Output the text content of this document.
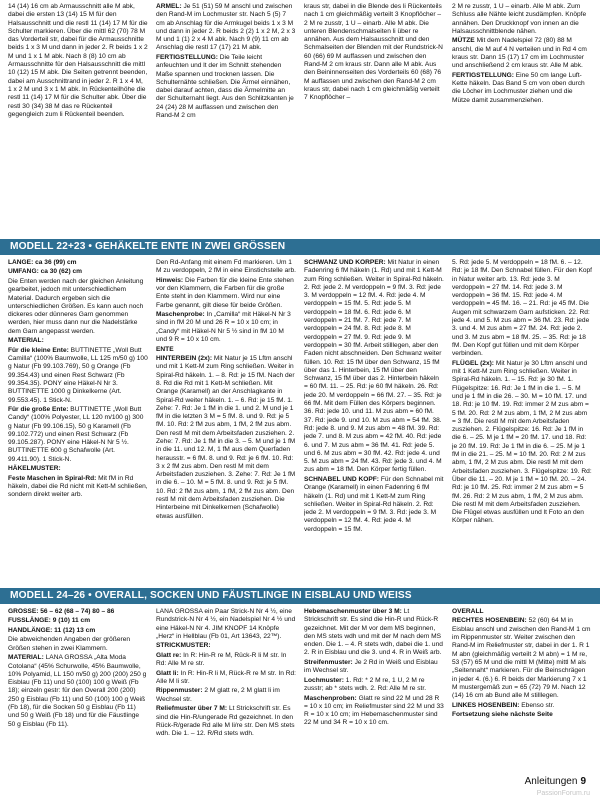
14 (14) 16 cm ab Armausschnitt alle M abk, dabei die ersten 13 (14) 15 M für den Halsausschnitt und die restl 11 (14) 17 M für die Schulter markieren. Über die mittl 62 (70) 78 M das Vorderteil str, dabei für die Armausschnitte beids 1 x 3 M und dann in jeder 2. R beids 1 x 2 M und 1 x 1 M abk. Nach 8 (8) 10 cm ab Armausschnitte für den Halsausschnitt die mittl 10 (12) 15 M abk. Die Seiten getrennt beenden, dabei am Ausschnittrand in jeder 2. R 1 x 4 M, 1 x 2 M und 3 x 1 M abk. In Rückenteilhöhe die restl 11 (14) 17 M für die Schulter abk. Über die restl 30 (34) 38 M das re Rückenteil gegengleich zum li Rückenteil beenden.

ÄRMEL: Je 51 (51) 59 M anschl und zwischen den Rand-M im Lochmuster str. Nach 5 (5) 7 cm ab Anschlag für die Armkugel beids 1 x 3 M und dann in jeder 2. R beids 2 (2) 1 x 2 M, 2 x 3 M und 1 (1) 2 x 4 M abk. Nach 9 (9) 11 cm ab Anschlag die restl 17 (17) 21 M abk.

FERTIGSTELLUNG: Die Teile leicht anfeuchten und lt der im Schnitt stehenden Maße spannen und trocknen lassen. Die Schulternähte schließen. Die Ärmel einnähen, dabei darauf achten, dass die Ärmelmitte an der Schulternaht liegt. Aus den Schlitzkanten je 24 (24) 28 M auffassen und zwischen den Rand-M 2 cm

kraus str, dabei in die Blende des li Rückenteils nach 1 cm gleichmäßig verteilt 3 Knopflöcher – 2 M re zusstr, 1 U – einarb. Alle M abk. Die unteren Blendenschmalseiten li über re annähen. Aus dem Halsausschnitt und den Schmalseiten der Blenden mit der Rundstrick-N 60 (66) 69 M auffassen und zwischen den Rand-M 2 cm kraus str. Dann alle M abk. Aus den Beininnenseiten des Vorderteils 60 (68) 76 M auffassen und zwischen den Rand-M 2 cm kraus str, dabei nach 1 cm gleichmäßig verteilt 7 Knopflöcher –

2 M re zusstr, 1 U – einarb. Alle M abk. Zum Schluss alle Nähte leicht zusdämpfen. Knöpfe annähen. Den Druckknopf von innen an die Halsausschnittblende nähen.

MÜTZE Mit dem Nadelspiel 72 (80) 88 M anschl, die M auf 4 N verteilen und in Rd 4 cm kraus str. Dann 15 (17) 17 cm im Lochmuster und anschließend 2 cm kraus str. Alle M abk.

FERTIGSTELLUNG: Eine 50 cm lange Luft-Kette häkeln. Das Band 5 cm von oben durch die Löcher im Lochmuster ziehen und die Mütze damit zusammenziehen.

MODELL 22+23 • GEHÄKELTE ENTE IN ZWEI GRÖSSEN

LÄNGE: ca 36 (99) cm

UMFANG: ca 30 (62) cm

Die Enten werden nach der gleichen Anleitung gearbeitet, jedoch mit unterschiedlichem Material. Dadurch ergeben sich die unterschiedlichen Größen. Es kann auch noch dickeres oder dünneres Garn genommen werden, hier muss dann nur die Nadelstärke dem Garn angepasst werden.

MATERIAL:

Für die kleine Ente: BUTTINETTE „Woll Butt Camilla“ (100% Baumwolle, LL 125 m/50 g) 100 g Natur (Fb 99.103.769), 50 g Orange (Fb 99.354.43) und einen Rest Schwarz (Fb 99.354.35). PONY eine Häkel-N Nr 3. BUTTINETTE 1000 g Dinkelkerne (Art. 99.553.45). 1 Stick-N.

Für die große Ente: BUTTINETTE „Woll Butt Candy“ (100% Polyester, LL 120 m/100 g) 300 g Natur (Fb 99.106.15), 50 g Karamell (Fb 99.102.772) und einen Rest Schwarz (Fb 99.105.287). PONY eine Häkel-N Nr 5 ½. BUTTINETTE 600 g Schafwolle (Art. 99.411.90). 1 Stick-N.

HÄKELMUSTER:

Feste Maschen in Spiral-Rd: Mit fM in Rd häkeln, dabei die Rd nicht mit Kett-M schließen, sondern direkt weiter arb.

Den Rd-Anfang mit einem Fd markieren. Um 1 M zu verdoppeln, 2 fM in eine Einstichstelle arb.

Hinweis: Die Farben für die kleine Ente stehen vor den Klammern, die Farben für die große Ente steht in den Klammern. Wird nur eine Farbe genannt, gilt diese für beide Größen.

Maschenprobe: In „Camilla“ mit Häkel-N Nr 3 sind in fM 20 M und 26 R = 10 x 10 cm; in „Candy“ mit Häkel-N Nr 5 ½ sind in fM 10 M und 9 R = 10 x 10 cm.

ENTE

HINTERBEIN (2x): Mit Natur je 15 Lftm anschl und mit 1 Kett-M zum Ring schließen. Weiter in Spiral-Rd häkeln. 1. – 8. Rd: je 15 fM. Nach der 8. Rd die Rd mit 1 Kett-M schließen. Mit Orange (Karamell) an der Anschlagkante in Spiral-Rd weiter häkeln. 1. – 6. Rd: je 15 fM. 1. Zehe: 7. Rd: Je 1 fM in die 1. und 2. M und je 1 fM in die letzten 3 M = 5 fM. 8. und 9. Rd: je 5 fM. 10. Rd: 2 fM zus abm, 1 fM, 2 fM zus abm. Den restl M mit dem Arbeitsfaden zusziehen. 2. Zehe: 7. Rd: Je 1 fM in die 3. – 5. M und je 1 fM in die 11. und 12. M, 1 fM aus dem Querfaden herausstr. = 6 fM. 8. und 9. Rd: je 6 fM. 10. Rd: 3 x 2 fM zus abm. Den restl M mit dem Arbeitsfaden zusziehen. 3. Zehe: 7. Rd: Je 1 fM in die 6. – 10. M = 5 fM. 8. und 9. Rd: je 5 fM. 10. Rd: 2 fM zus abm, 1 fM, 2 fM zus abm. Den restl M mit dem Arbeitsfaden zusziehen. Die Hinterbeine mit Dinkelkernen (Schafwolle) etwas ausfüllen.

SCHWANZ UND KÖRPER: Mit Natur in einen Fadenring 6 fM häkeln (1. Rd) und mit 1 Kett-M zum Ring schließen. Weiter in Spiral-Rd häkeln. 2. Rd: jede 2. M verdoppeln = 9 fM. 3. Rd: jede 3. M verdoppeln = 12 fM. 4. Rd: jede 4. M verdoppeln = 15 fM. 5. Rd: jede 5. M verdoppeln = 18 fM. 6. Rd: jede 6. M verdoppeln = 21 fM. 7. Rd: jede 7. M verdoppeln = 24 fM. 8. Rd: jede 8. M verdoppeln = 27 fM. 9. Rd: jede 9. M verdoppeln = 30 fM. Arbeit stilllegen, aber den Faden nicht abschneiden. Den Schwanz weiter füllen. 10. Rd: 15 fM über den Schwanz, 15 fM über das 1. Hinterbein, 15 fM über den Schwanz, 15 fM über das 2. Hinterbein häkeln = 60 fM. 11. – 25. Rd: je 60 fM häkeln. 26. Rd: jede 20. M verdoppeln = 66 fM. 27. – 35. Rd: je 66 fM. Mit dem Füllen des Körpers beginnen. 36. Rd: jede 10. und 11. M zus abm = 60 fM. 37. Rd: jede 9. und 10. M zus abm = 54 fM. 38. Rd: jede 8. und 9. M zus abm = 48 fM. 39. Rd: jede 7. und 8. M zus abm = 42 fM. 40. Rd: jede 6. und 7. M zus abm = 36 fM. 41. Rd: jede 5. und 6. M zus abm = 30 fM. 42. Rd: jede 4. und 5. M zus abm = 24 fM. 43. Rd: jede 3. und 4. M zus abm = 18 fM. Den Körper fertig füllen.

SCHNABEL UND KOPF: Für den Schnabel mit Orange (Karamell) in einen Fadenring 6 fM häkeln (1. Rd) und mit 1 Kett-M zum Ring schließen. Weiter in Spiral-Rd häkeln. 2. Rd: jede 2. M verdoppeln = 9 fM. 3. Rd: jede 3. M verdoppeln = 12 fM. 4. Rd: jede 4. M verdoppeln = 15 fM.

5. Rd: jede 5. M verdoppeln = 18 fM. 6. – 12. Rd: je 18 fM. Den Schnabel füllen. Für den Kopf in Natur weiter arb. 13. Rd: jede 3. M verdoppeln = 27 fM. 14. Rd: jede 3. M verdoppeln = 36 fM. 15. Rd: jede 4. M verdoppeln = 45 fM. 16. – 21. Rd: je 45 fM. Die Augen mit schwarzem Garn aufsticken. 22. Rd: jede 4. und 5. M zus abm = 36 fM. 23. Rd: jede 3. und 4. M zus abm = 27 fM. 24. Rd: jede 2. und 3. M zus abm = 18 fM. 25. – 35. Rd: je 18 fM. Den Kopf gut füllen und mit dem Körper verbinden.

FLÜGEL (2x): Mit Natur je 30 Lftm anschl und mit 1 Kett-M zum Ring schließen. Weiter in Spiral-Rd häkeln. 1. – 15. Rd: je 30 fM. 1. Flügelspitze: 16. Rd: Je 1 fM in die 1. – 5. M und je 1 fM in die 26. – 30. M = 10 fM. 17. und 18. Rd: je 10 fM. 19. Rd: immer 2 M zus abm = 5 fM. 20. Rd: 2 M zus abm, 1 fM, 2 M zus abm = 3 fM. Die restl M mit dem Arbeitsfaden zusziehen. 2. Flügelspitze: 16. Rd: Je 1 fM in die 6. – 25. M je 1 fM = 20 fM. 17. und 18. Rd: je 20 fM. 19. Rd: Je 1 fM in die 6. – 25. M je 1 fM in die 21. – 25. M = 10 fM. 20. Rd: 2 M zus abm, 1 fM, 2 M zus abm. Die restl M mit dem Arbeitsfaden zusziehen. 3. Flügelspitze: 19. Rd: Über die 11. – 20. M je 1 fM = 10 fM. 20. – 24. Rd: je 10 fM. 25. Rd: immer 2 M zus abm = 5 fM. 26. Rd: 2 M zus abm, 1 fM, 2 M zus abm. Die restl M mit dem Arbeitsfaden zusziehen. Die Flügel etwas ausfüllen und lt Foto an den Körper nähen.

MODELL 24–26 • OVERALL, SOCKEN UND FÄUSTLINGE IN EISBLAU UND WEISS

GRÖSSE: 56 – 62 (68 – 74) 80 – 86

FUSSLÄNGE: 9 (10) 11 cm

HANDLÄNGE: 11 (12) 13 cm

Die abweichenden Angaben der größeren Größen stehen in zwei Klammern.

MATERIAL: LANA GROSSA „Alta Moda Cotolana“ (45% Schurwolle, 45% Baumwolle, 10% Polyamid, LL 150 m/50 g) 200 (200) 250 g Eisblau (Fb 11) und 50 (100) 100 g Weiß (Fb 18); einzeln gestr: für den Overall 200 (200) 250 g Eisblau (Fb 11) und 50 (100) 100 g Weiß (Fb 18), für die Socken 50 g Eisblau (Fb 11) und 50 g Weiß (Fb 18) und für die Fäustlinge 50 g Eisblau (Fb 11).

LANA GROSSA ein Paar Strick-N Nr 4 ½, eine Rundstrick-N Nr 4 ½, ein Nadelspiel Nr 4 ½ und eine Häkel-N Nr 4. JIM KNOPF 14 Knöpfe „Herz“ in Hellblau (Fb 01, Art 13643, 22™).

STRICKMUSTER:

Glatt re: In R: Hin-R re M, Rück-R li M str. In Rd: Alle M re str.

Glatt li: In R: Hin-R li M, Rück-R re M str. In Rd: Alle M li str.

Rippenmuster: 2 M glatt re, 2 M glatt li im Wechsel str.

Reliefmuster über 7 M: Lt Strickschrift str. Es sind die Hin-R/ungerade Rd gezeichnet. In den Rück-R/gerade Rd alle M li/re str. Den MS stets wdh. Die 1. – 12. R/Rd stets wdh.

Hebemaschenmuster über 3 M: Lt Strickschrift str. Es sind die Hin-R und Rück-R gezeichnet. Mit der M vor dem MS beginnen, den MS stets wdh und mit der M nach dem MS enden. Die 1. – 4. R stets wdh, dabei die 1. und 2. R in Eisblau und die 3. und 4. R in Weiß arb.

Streifenmuster: Je 2 Rd in Weiß und Eisblau im Wechsel str.

Lochmuster: 1. Rd: * 2 M re, 1 U, 2 M re zusstr; ab * stets wdh. 2. Rd: Alle M re str.

Maschenproben: Glatt re sind 22 M und 28 R = 10 x 10 cm; im Reliefmuster sind 22 M und 33 R = 10 x 10 cm; im Hebemaschenmuster sind 22 M und 34 R = 10 x 10 cm.

OVERALL

RECHTES HOSENBEIN: 52 (60) 64 M in Eisblau anschl und zwischen den Rand-M 1 cm im Rippenmuster str. Weiter zwischen den Rand-M im Reliefmuster str, dabei in der 1. R 1 M abn (gleichmäßig verteilt 2 M abn) = 1 M re, 53 (57) 65 M und die mittl M (Mitte) mittl M als „Seitennaht“ markieren. Für die Beinschrägen in jeder 4. (6.) 6. R beids der Markierung 7 x 1 M mustergemäß zun = 65 (72) 79 M. Nach 12 (14) 16 cm ab Bund alle M stilllegen.

LINKES HOSENBEIN: Ebenso str.

Fortsetzung siehe nächste Seite

Anleitungen 9
PassionForum.ru
